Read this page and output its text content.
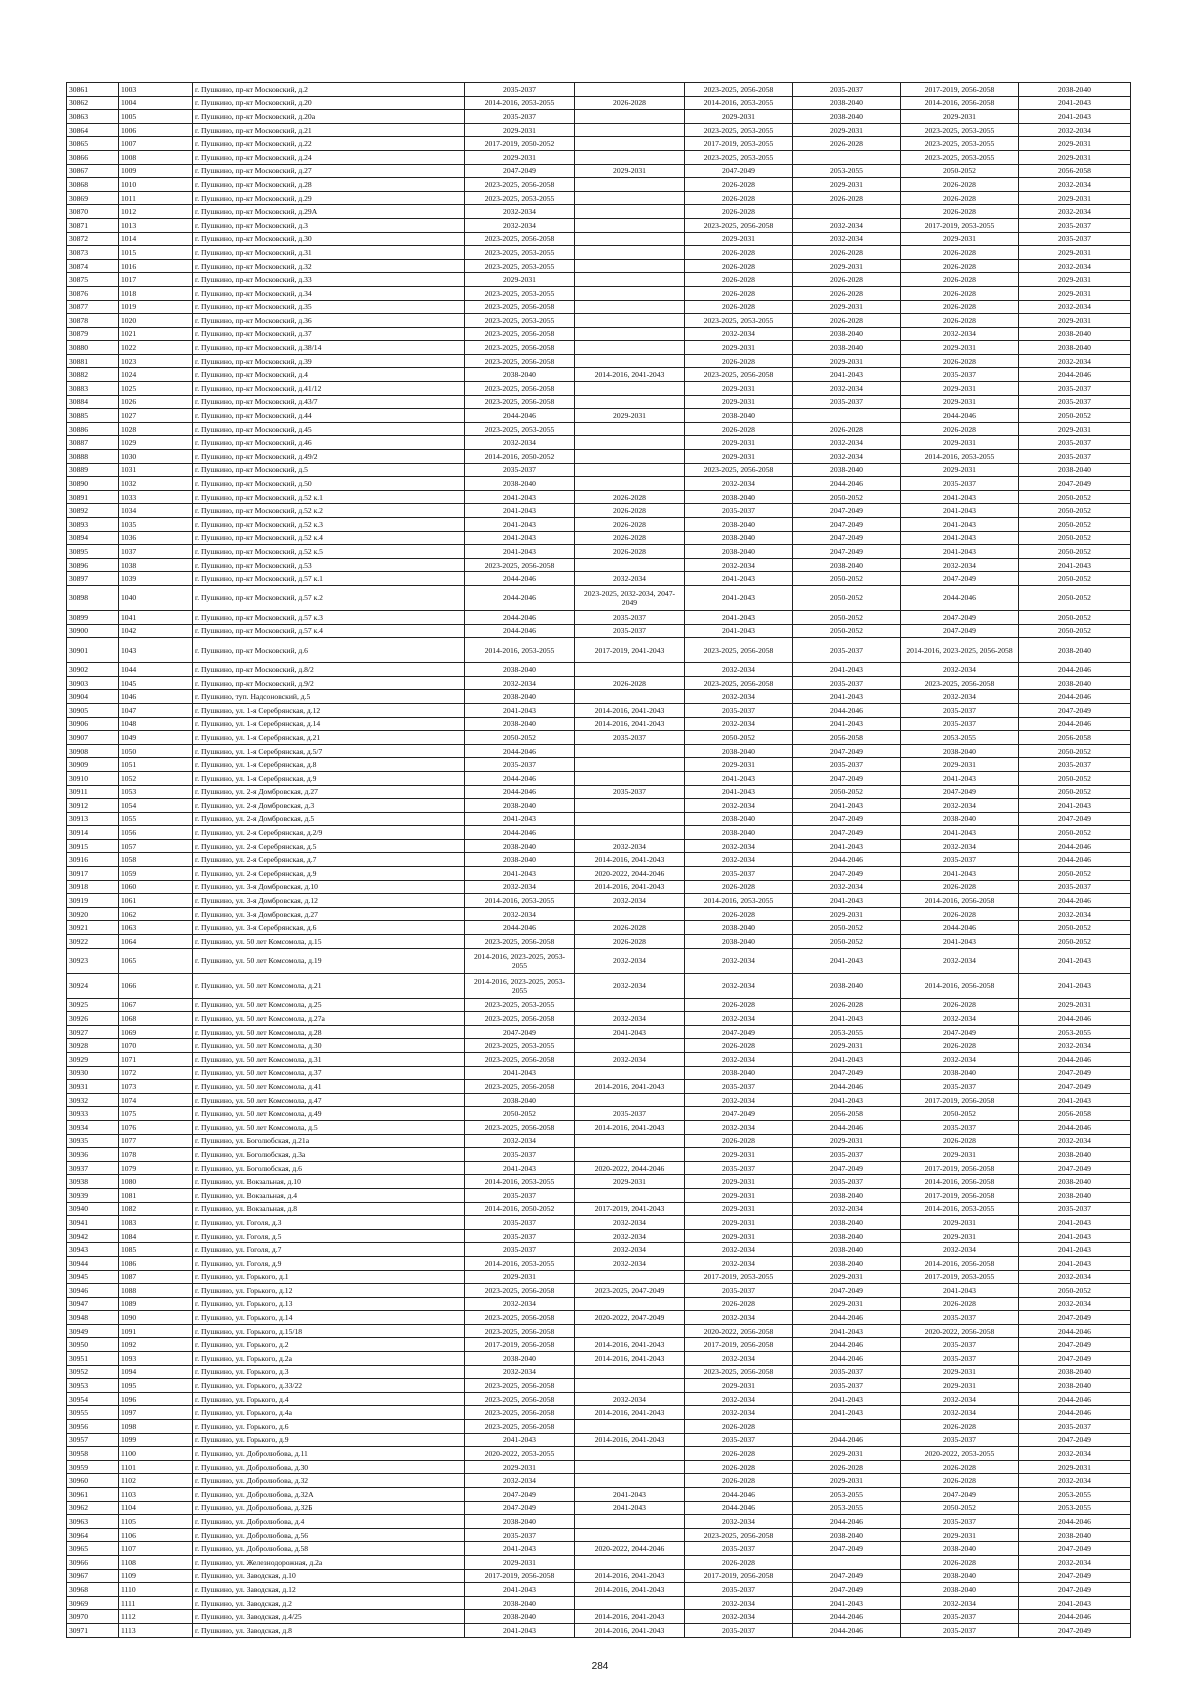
30861	1003	г. Пушкино, пр-кт Московский, д.2	2035-2037		2023-2025, 2056-2058	2035-2037	2017-2019, 2056-2058	2038-2040
30862	1004	г. Пушкино, пр-кт Московский, д.20	2014-2016, 2053-2055	2026-2028	2014-2016, 2053-2055	2038-2040	2014-2016, 2056-2058	2041-2043
30863	1005	г. Пушкино, пр-кт Московский, д.20а	2035-2037		2029-2031	2038-2040	2029-2031	2041-2043
30864	1006	г. Пушкино, пр-кт Московский, д.21	2029-2031		2023-2025, 2053-2055	2029-2031	2023-2025, 2053-2055	2032-2034
30865	1007	г. Пушкино, пр-кт Московский, д.22	2017-2019, 2050-2052		2017-2019, 2053-2055	2026-2028	2023-2025, 2053-2055	2029-2031
30866	1008	г. Пушкино, пр-кт Московский, д.24	2029-2031		2023-2025, 2053-2055		2023-2025, 2053-2055	2029-2031
30867	1009	г. Пушкино, пр-кт Московский, д.27	2047-2049	2029-2031	2047-2049	2053-2055	2050-2052	2056-2058
30868	1010	г. Пушкино, пр-кт Московский, д.28	2023-2025, 2056-2058		2026-2028	2029-2031	2026-2028	2032-2034
30869	1011	г. Пушкино, пр-кт Московский, д.29	2023-2025, 2053-2055		2026-2028	2026-2028	2026-2028	2029-2031
30870	1012	г. Пушкино, пр-кт Московский, д.29А	2032-2034		2026-2028		2026-2028	2032-2034
30871	1013	г. Пушкино, пр-кт Московский, д.3	2032-2034		2023-2025, 2056-2058	2032-2034	2017-2019, 2053-2055	2035-2037
30872	1014	г. Пушкино, пр-кт Московский, д.30	2023-2025, 2056-2058		2029-2031	2032-2034	2029-2031	2035-2037
30873	1015	г. Пушкино, пр-кт Московский, д.31	2023-2025, 2053-2055		2026-2028	2026-2028	2026-2028	2029-2031
30874	1016	г. Пушкино, пр-кт Московский, д.32	2023-2025, 2053-2055		2026-2028	2029-2031	2026-2028	2032-2034
30875	1017	г. Пушкино, пр-кт Московский, д.33	2029-2031		2026-2028	2026-2028	2026-2028	2029-2031
30876	1018	г. Пушкино, пр-кт Московский, д.34	2023-2025, 2053-2055		2026-2028	2026-2028	2026-2028	2029-2031
30877	1019	г. Пушкино, пр-кт Московский, д.35	2023-2025, 2056-2058		2026-2028	2029-2031	2026-2028	2032-2034
30878	1020	г. Пушкино, пр-кт Московский, д.36	2023-2025, 2053-2055		2023-2025, 2053-2055	2026-2028	2026-2028	2029-2031
30879	1021	г. Пушкино, пр-кт Московский, д.37	2023-2025, 2056-2058		2032-2034	2038-2040	2032-2034	2038-2040
30880	1022	г. Пушкино, пр-кт Московский, д.38/14	2023-2025, 2056-2058		2029-2031	2038-2040	2029-2031	2038-2040
30881	1023	г. Пушкино, пр-кт Московский, д.39	2023-2025, 2056-2058		2026-2028	2029-2031	2026-2028	2032-2034
30882	1024	г. Пушкино, пр-кт Московский, д.4	2038-2040	2014-2016, 2041-2043	2023-2025, 2056-2058	2041-2043	2035-2037	2044-2046
30883	1025	г. Пушкино, пр-кт Московский, д.41/12	2023-2025, 2056-2058		2029-2031	2032-2034	2029-2031	2035-2037
30884	1026	г. Пушкино, пр-кт Московский, д.43/7	2023-2025, 2056-2058		2029-2031	2035-2037	2029-2031	2035-2037
30885	1027	г. Пушкино, пр-кт Московский, д.44	2044-2046	2029-2031	2038-2040		2044-2046	2050-2052
30886	1028	г. Пушкино, пр-кт Московский, д.45	2023-2025, 2053-2055		2026-2028	2026-2028	2026-2028	2029-2031
30887	1029	г. Пушкино, пр-кт Московский, д.46	2032-2034		2029-2031	2032-2034	2029-2031	2035-2037
30888	1030	г. Пушкино, пр-кт Московский, д.49/2	2014-2016, 2050-2052		2029-2031	2032-2034	2014-2016, 2053-2055	2035-2037
30889	1031	г. Пушкино, пр-кт Московский, д.5	2035-2037		2023-2025, 2056-2058	2038-2040	2029-2031	2038-2040
30890	1032	г. Пушкино, пр-кт Московский, д.50	2038-2040		2032-2034	2044-2046	2035-2037	2047-2049
30891	1033	г. Пушкино, пр-кт Московский, д.52 к.1	2041-2043	2026-2028	2038-2040	2050-2052	2041-2043	2050-2052
30892	1034	г. Пушкино, пр-кт Московский, д.52 к.2	2041-2043	2026-2028	2035-2037	2047-2049	2041-2043	2050-2052
30893	1035	г. Пушкино, пр-кт Московский, д.52 к.3	2041-2043	2026-2028	2038-2040	2047-2049	2041-2043	2050-2052
30894	1036	г. Пушкино, пр-кт Московский, д.52 к.4	2041-2043	2026-2028	2038-2040	2047-2049	2041-2043	2050-2052
30895	1037	г. Пушкино, пр-кт Московский, д.52 к.5	2041-2043	2026-2028	2038-2040	2047-2049	2041-2043	2050-2052
30896	1038	г. Пушкино, пр-кт Московский, д.53	2023-2025, 2056-2058		2032-2034	2038-2040	2032-2034	2041-2043
30897	1039	г. Пушкино, пр-кт Московский, д.57 к.1	2044-2046	2032-2034	2041-2043	2050-2052	2047-2049	2050-2052
30898	1040	г. Пушкино, пр-кт Московский, д.57 к.2	2044-2046	2023-2025, 2032-2034, 2047-2049	2041-2043	2050-2052	2044-2046	2050-2052
30899	1041	г. Пушкино, пр-кт Московский, д.57 к.3	2044-2046	2035-2037	2041-2043	2050-2052	2047-2049	2050-2052
30900	1042	г. Пушкино, пр-кт Московский, д.57 к.4	2044-2046	2035-2037	2041-2043	2050-2052	2047-2049	2050-2052
30901	1043	г. Пушкино, пр-кт Московский, д.6	2014-2016, 2053-2055	2017-2019, 2041-2043	2023-2025, 2056-2058	2035-2037	2014-2016, 2023-2025, 2056-2058	2038-2040
30902	1044	г. Пушкино, пр-кт Московский, д.8/2	2038-2040		2032-2034	2041-2043	2032-2034	2044-2046
30903	1045	г. Пушкино, пр-кт Московский, д.9/2	2032-2034	2026-2028	2023-2025, 2056-2058	2035-2037	2023-2025, 2056-2058	2038-2040
30904	1046	г. Пушкино, туп. Надсоновский, д.5	2038-2040		2032-2034	2041-2043	2032-2034	2044-2046
30905	1047	г. Пушкино, ул. 1-я Серебрянская, д.12	2041-2043	2014-2016, 2041-2043	2035-2037	2044-2046	2035-2037	2047-2049
30906	1048	г. Пушкино, ул. 1-я Серебрянская, д.14	2038-2040	2014-2016, 2041-2043	2032-2034	2041-2043	2035-2037	2044-2046
30907	1049	г. Пушкино, ул. 1-я Серебрянская, д.21	2050-2052	2035-2037	2050-2052	2056-2058	2053-2055	2056-2058
30908	1050	г. Пушкино, ул. 1-я Серебрянская, д.5/7	2044-2046		2038-2040	2047-2049	2038-2040	2050-2052
30909	1051	г. Пушкино, ул. 1-я Серебрянская, д.8	2035-2037		2029-2031	2035-2037	2029-2031	2035-2037
30910	1052	г. Пушкино, ул. 1-я Серебрянская, д.9	2044-2046		2041-2043	2047-2049	2041-2043	2050-2052
30911	1053	г. Пушкино, ул. 2-я Домбровская, д.27	2044-2046	2035-2037	2041-2043	2050-2052	2047-2049	2050-2052
30912	1054	г. Пушкино, ул. 2-я Домбровская, д.3	2038-2040		2032-2034	2041-2043	2032-2034	2041-2043
30913	1055	г. Пушкино, ул. 2-я Домбровская, д.5	2041-2043		2038-2040	2047-2049	2038-2040	2047-2049
30914	1056	г. Пушкино, ул. 2-я Серебрянская, д.2/9	2044-2046		2038-2040	2047-2049	2041-2043	2050-2052
30915	1057	г. Пушкино, ул. 2-я Серебрянская, д.5	2038-2040	2032-2034	2032-2034	2041-2043	2032-2034	2044-2046
30916	1058	г. Пушкино, ул. 2-я Серебрянская, д.7	2038-2040	2014-2016, 2041-2043	2032-2034	2044-2046	2035-2037	2044-2046
30917	1059	г. Пушкино, ул. 2-я Серебрянская, д.9	2041-2043	2020-2022, 2044-2046	2035-2037	2047-2049	2041-2043	2050-2052
30918	1060	г. Пушкино, ул. 3-я Домбровская, д.10	2032-2034	2014-2016, 2041-2043	2026-2028	2032-2034	2026-2028	2035-2037
30919	1061	г. Пушкино, ул. 3-я Домбровская, д.12	2014-2016, 2053-2055	2032-2034	2014-2016, 2053-2055	2041-2043	2014-2016, 2056-2058	2044-2046
30920	1062	г. Пушкино, ул. 3-я Домбровская, д.27	2032-2034		2026-2028	2029-2031	2026-2028	2032-2034
30921	1063	г. Пушкино, ул. 3-я Серебрянская, д.6	2044-2046	2026-2028	2038-2040	2050-2052	2044-2046	2050-2052
30922	1064	г. Пушкино, ул. 50 лет Комсомола, д.15	2023-2025, 2056-2058	2026-2028	2038-2040	2050-2052	2041-2043	2050-2052
30923	1065	г. Пушкино, ул. 50 лет Комсомола, д.19	2014-2016, 2023-2025, 2053-2055	2032-2034	2032-2034	2041-2043	2032-2034	2041-2043
30924	1066	г. Пушкино, ул. 50 лет Комсомола, д.21	2014-2016, 2023-2025, 2053-2055	2032-2034	2032-2034	2038-2040	2014-2016, 2056-2058	2041-2043
30925	1067	г. Пушкино, ул. 50 лет Комсомола, д.25	2023-2025, 2053-2055		2026-2028	2026-2028	2026-2028	2029-2031
30926	1068	г. Пушкино, ул. 50 лет Комсомола, д.27а	2023-2025, 2056-2058	2032-2034	2032-2034	2041-2043	2032-2034	2044-2046
30927	1069	г. Пушкино, ул. 50 лет Комсомола, д.28	2047-2049	2041-2043	2047-2049	2053-2055	2047-2049	2053-2055
30928	1070	г. Пушкино, ул. 50 лет Комсомола, д.30	2023-2025, 2053-2055		2026-2028	2029-2031	2026-2028	2032-2034
30929	1071	г. Пушкино, ул. 50 лет Комсомола, д.31	2023-2025, 2056-2058	2032-2034	2032-2034	2041-2043	2032-2034	2044-2046
30930	1072	г. Пушкино, ул. 50 лет Комсомола, д.37	2041-2043		2038-2040	2047-2049	2038-2040	2047-2049
30931	1073	г. Пушкино, ул. 50 лет Комсомола, д.41	2023-2025, 2056-2058	2014-2016, 2041-2043	2035-2037	2044-2046	2035-2037	2047-2049
30932	1074	г. Пушкино, ул. 50 лет Комсомола, д.47	2038-2040		2032-2034	2041-2043	2017-2019, 2056-2058	2041-2043
30933	1075	г. Пушкино, ул. 50 лет Комсомола, д.49	2050-2052	2035-2037	2047-2049	2056-2058	2050-2052	2056-2058
30934	1076	г. Пушкино, ул. 50 лет Комсомола, д.5	2023-2025, 2056-2058	2014-2016, 2041-2043	2032-2034	2044-2046	2035-2037	2044-2046
30935	1077	г. Пушкино, ул. Боголюбская, д.21а	2032-2034		2026-2028	2029-2031	2026-2028	2032-2034
30936	1078	г. Пушкино, ул. Боголюбская, д.3а	2035-2037		2029-2031	2035-2037	2029-2031	2038-2040
30937	1079	г. Пушкино, ул. Боголюбская, д.6	2041-2043	2020-2022, 2044-2046	2035-2037	2047-2049	2017-2019, 2056-2058	2047-2049
30938	1080	г. Пушкино, ул. Вокзальная, д.10	2014-2016, 2053-2055	2029-2031	2029-2031	2035-2037	2014-2016, 2056-2058	2038-2040
30939	1081	г. Пушкино, ул. Вокзальная, д.4	2035-2037		2029-2031	2038-2040	2017-2019, 2056-2058	2038-2040
30940	1082	г. Пушкино, ул. Вокзальная, д.8	2014-2016, 2050-2052	2017-2019, 2041-2043	2029-2031	2032-2034	2014-2016, 2053-2055	2035-2037
30941	1083	г. Пушкино, ул. Гоголя, д.3	2035-2037	2032-2034	2029-2031	2038-2040	2029-2031	2041-2043
30942	1084	г. Пушкино, ул. Гоголя, д.5	2035-2037	2032-2034	2029-2031	2038-2040	2029-2031	2041-2043
30943	1085	г. Пушкино, ул. Гоголя, д.7	2035-2037	2032-2034	2032-2034	2038-2040	2032-2034	2041-2043
30944	1086	г. Пушкино, ул. Гоголя, д.9	2014-2016, 2053-2055	2032-2034	2032-2034	2038-2040	2014-2016, 2056-2058	2041-2043
30945	1087	г. Пушкино, ул. Горького, д.1	2029-2031		2017-2019, 2053-2055	2029-2031	2017-2019, 2053-2055	2032-2034
30946	1088	г. Пушкино, ул. Горького, д.12	2023-2025, 2056-2058	2023-2025, 2047-2049	2035-2037	2047-2049	2041-2043	2050-2052
30947	1089	г. Пушкино, ул. Горького, д.13	2032-2034		2026-2028	2029-2031	2026-2028	2032-2034
30948	1090	г. Пушкино, ул. Горького, д.14	2023-2025, 2056-2058	2020-2022, 2047-2049	2032-2034	2044-2046	2035-2037	2047-2049
30949	1091	г. Пушкино, ул. Горького, д.15/18	2023-2025, 2056-2058		2020-2022, 2056-2058	2041-2043	2020-2022, 2056-2058	2044-2046
30950	1092	г. Пушкино, ул. Горького, д.2	2017-2019, 2056-2058	2014-2016, 2041-2043	2017-2019, 2056-2058	2044-2046	2035-2037	2047-2049
30951	1093	г. Пушкино, ул. Горького, д.2а	2038-2040	2014-2016, 2041-2043	2032-2034	2044-2046	2035-2037	2047-2049
30952	1094	г. Пушкино, ул. Горького, д.3	2032-2034		2023-2025, 2056-2058	2035-2037	2029-2031	2038-2040
30953	1095	г. Пушкино, ул. Горького, д.33/22	2023-2025, 2056-2058		2029-2031	2035-2037	2029-2031	2038-2040
30954	1096	г. Пушкино, ул. Горького, д.4	2023-2025, 2056-2058	2032-2034	2032-2034	2041-2043	2032-2034	2044-2046
30955	1097	г. Пушкино, ул. Горького, д.4а	2023-2025, 2056-2058	2014-2016, 2041-2043	2032-2034	2041-2043	2032-2034	2044-2046
30956	1098	г. Пушкино, ул. Горького, д.6	2023-2025, 2056-2058		2026-2028		2026-2028	2035-2037
30957	1099	г. Пушкино, ул. Горького, д.9	2041-2043	2014-2016, 2041-2043	2035-2037	2044-2046	2035-2037	2047-2049
30958	1100	г. Пушкино, ул. Добролюбова, д.11	2020-2022, 2053-2055		2026-2028	2029-2031	2020-2022, 2053-2055	2032-2034
30959	1101	г. Пушкино, ул. Добролюбова, д.30	2029-2031		2026-2028	2026-2028	2026-2028	2029-2031
30960	1102	г. Пушкино, ул. Добролюбова, д.32	2032-2034		2026-2028	2029-2031	2026-2028	2032-2034
30961	1103	г. Пушкино, ул. Добролюбова, д.32А	2047-2049	2041-2043	2044-2046	2053-2055	2047-2049	2053-2055
30962	1104	г. Пушкино, ул. Добролюбова, д.32Б	2047-2049	2041-2043	2044-2046	2053-2055	2050-2052	2053-2055
30963	1105	г. Пушкино, ул. Добролюбова, д.4	2038-2040		2032-2034	2044-2046	2035-2037	2044-2046
30964	1106	г. Пушкино, ул. Добролюбова, д.56	2035-2037		2023-2025, 2056-2058	2038-2040	2029-2031	2038-2040
30965	1107	г. Пушкино, ул. Добролюбова, д.58	2041-2043	2020-2022, 2044-2046	2035-2037	2047-2049	2038-2040	2047-2049
30966	1108	г. Пушкино, ул. Железнодорожная, д.2а	2029-2031		2026-2028		2026-2028	2032-2034
30967	1109	г. Пушкино, ул. Заводская, д.10	2017-2019, 2056-2058	2014-2016, 2041-2043	2017-2019, 2056-2058	2047-2049	2038-2040	2047-2049
30968	1110	г. Пушкино, ул. Заводская, д.12	2041-2043	2014-2016, 2041-2043	2035-2037	2047-2049	2038-2040	2047-2049
30969	1111	г. Пушкино, ул. Заводская, д.2	2038-2040		2032-2034	2041-2043	2032-2034	2041-2043
30970	1112	г. Пушкино, ул. Заводская, д.4/25	2038-2040	2014-2016, 2041-2043	2032-2034	2044-2046	2035-2037	2044-2046
30971	1113	г. Пушкино, ул. Заводская, д.8	2041-2043	2014-2016, 2041-2043	2035-2037	2044-2046	2035-2037	2047-2049
284
